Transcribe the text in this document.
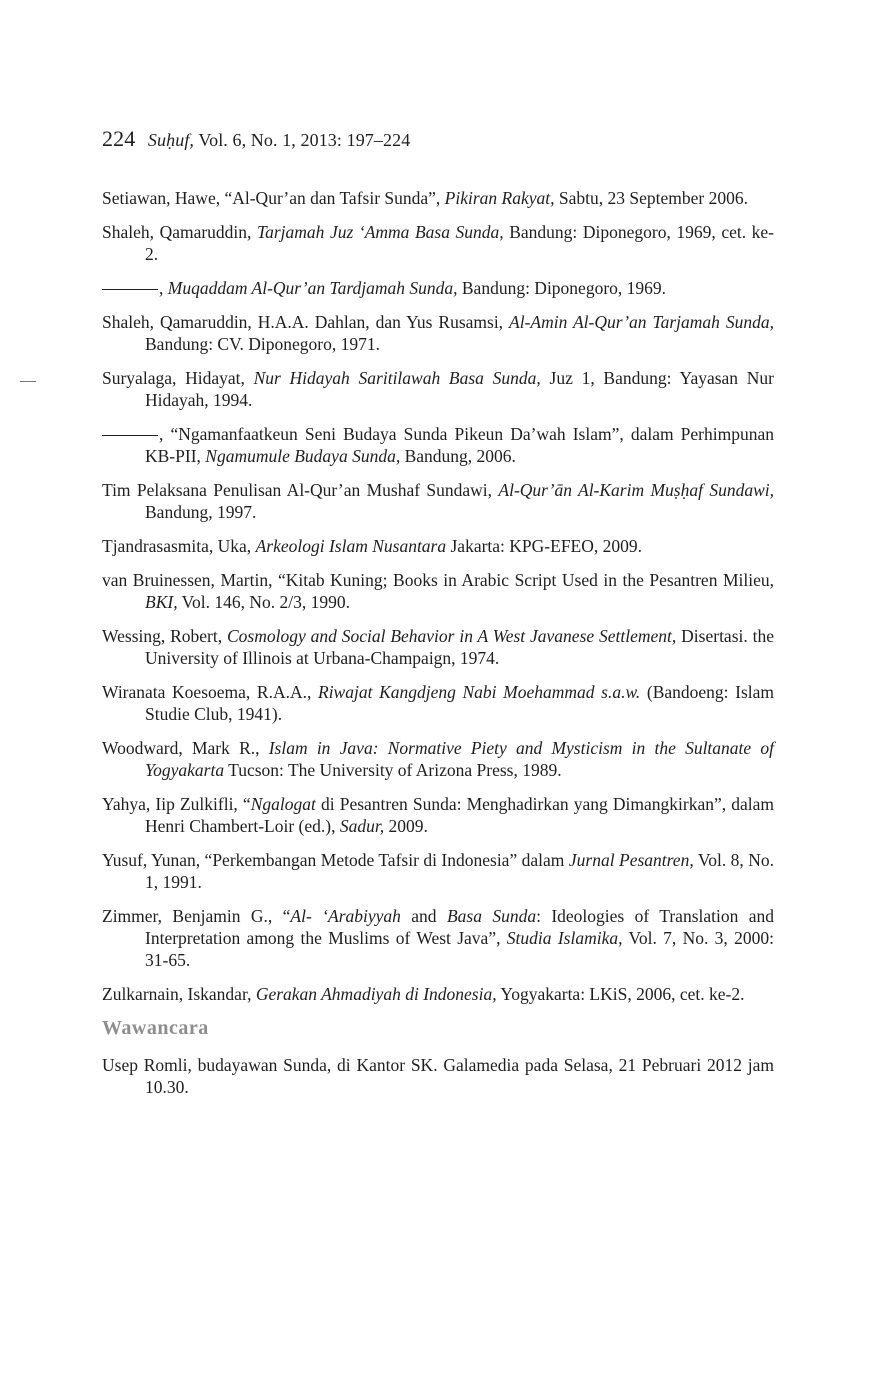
224 Suḥuf, Vol. 6, No. 1, 2013: 197–224

Setiawan, Hawe, “Al-Qur’an dan Tafsir Sunda”, Pikiran Rakyat, Sabtu, 23 September 2006.

Shaleh, Qamaruddin, Tarjamah Juz ‘Amma Basa Sunda, Bandung: Diponegoro, 1969, cet. ke-2.

, Muqaddam Al-Qur’an Tardjamah Sunda, Bandung: Diponegoro, 1969.

Shaleh, Qamaruddin, H.A.A. Dahlan, dan Yus Rusamsi, Al-Amin Al-Qur’an Tarjamah Sunda, Bandung: CV. Diponegoro, 1971.

Suryalaga, Hidayat, Nur Hidayah Saritilawah Basa Sunda, Juz 1, Bandung: Yayasan Nur Hidayah, 1994.

, “Ngamanfaatkeun Seni Budaya Sunda Pikeun Da’wah Islam”, dalam Perhimpunan KB-PII, Ngamumule Budaya Sunda, Bandung, 2006.

Tim Pelaksana Penulisan Al-Qur’an Mushaf Sundawi, Al-Qur’ān Al-Karim Muṣḥaf Sundawi, Bandung, 1997.

Tjandrasasmita, Uka, Arkeologi Islam Nusantara Jakarta: KPG-EFEO, 2009.

van Bruinessen, Martin, “Kitab Kuning; Books in Arabic Script Used in the Pesantren Milieu, BKI, Vol. 146, No. 2/3, 1990.

Wessing, Robert, Cosmology and Social Behavior in A West Javanese Settlement, Disertasi. the University of Illinois at Urbana-Champaign, 1974.

Wiranata Koesoema, R.A.A., Riwajat Kangdjeng Nabi Moehammad s.a.w. (Bandoeng: Islam Studie Club, 1941).

Woodward, Mark R., Islam in Java: Normative Piety and Mysticism in the Sultanate of Yogyakarta Tucson: The University of Arizona Press, 1989.

Yahya, Iip Zulkifli, “Ngalogat di Pesantren Sunda: Menghadirkan yang Dimangkirkan”, dalam Henri Chambert-Loir (ed.), Sadur, 2009.

Yusuf, Yunan, “Perkembangan Metode Tafsir di Indonesia” dalam Jurnal Pesantren, Vol. 8, No. 1, 1991.

Zimmer, Benjamin G., “Al- ‘Arabiyyah and Basa Sunda: Ideologies of Translation and Interpretation among the Muslims of West Java”, Studia Islamika, Vol. 7, No. 3, 2000: 31-65.

Zulkarnain, Iskandar, Gerakan Ahmadiyah di Indonesia, Yogyakarta: LKiS, 2006, cet. ke-2.

Wawancara

Usep Romli, budayawan Sunda, di Kantor SK. Galamedia pada Selasa, 21 Pebruari 2012 jam 10.30.
